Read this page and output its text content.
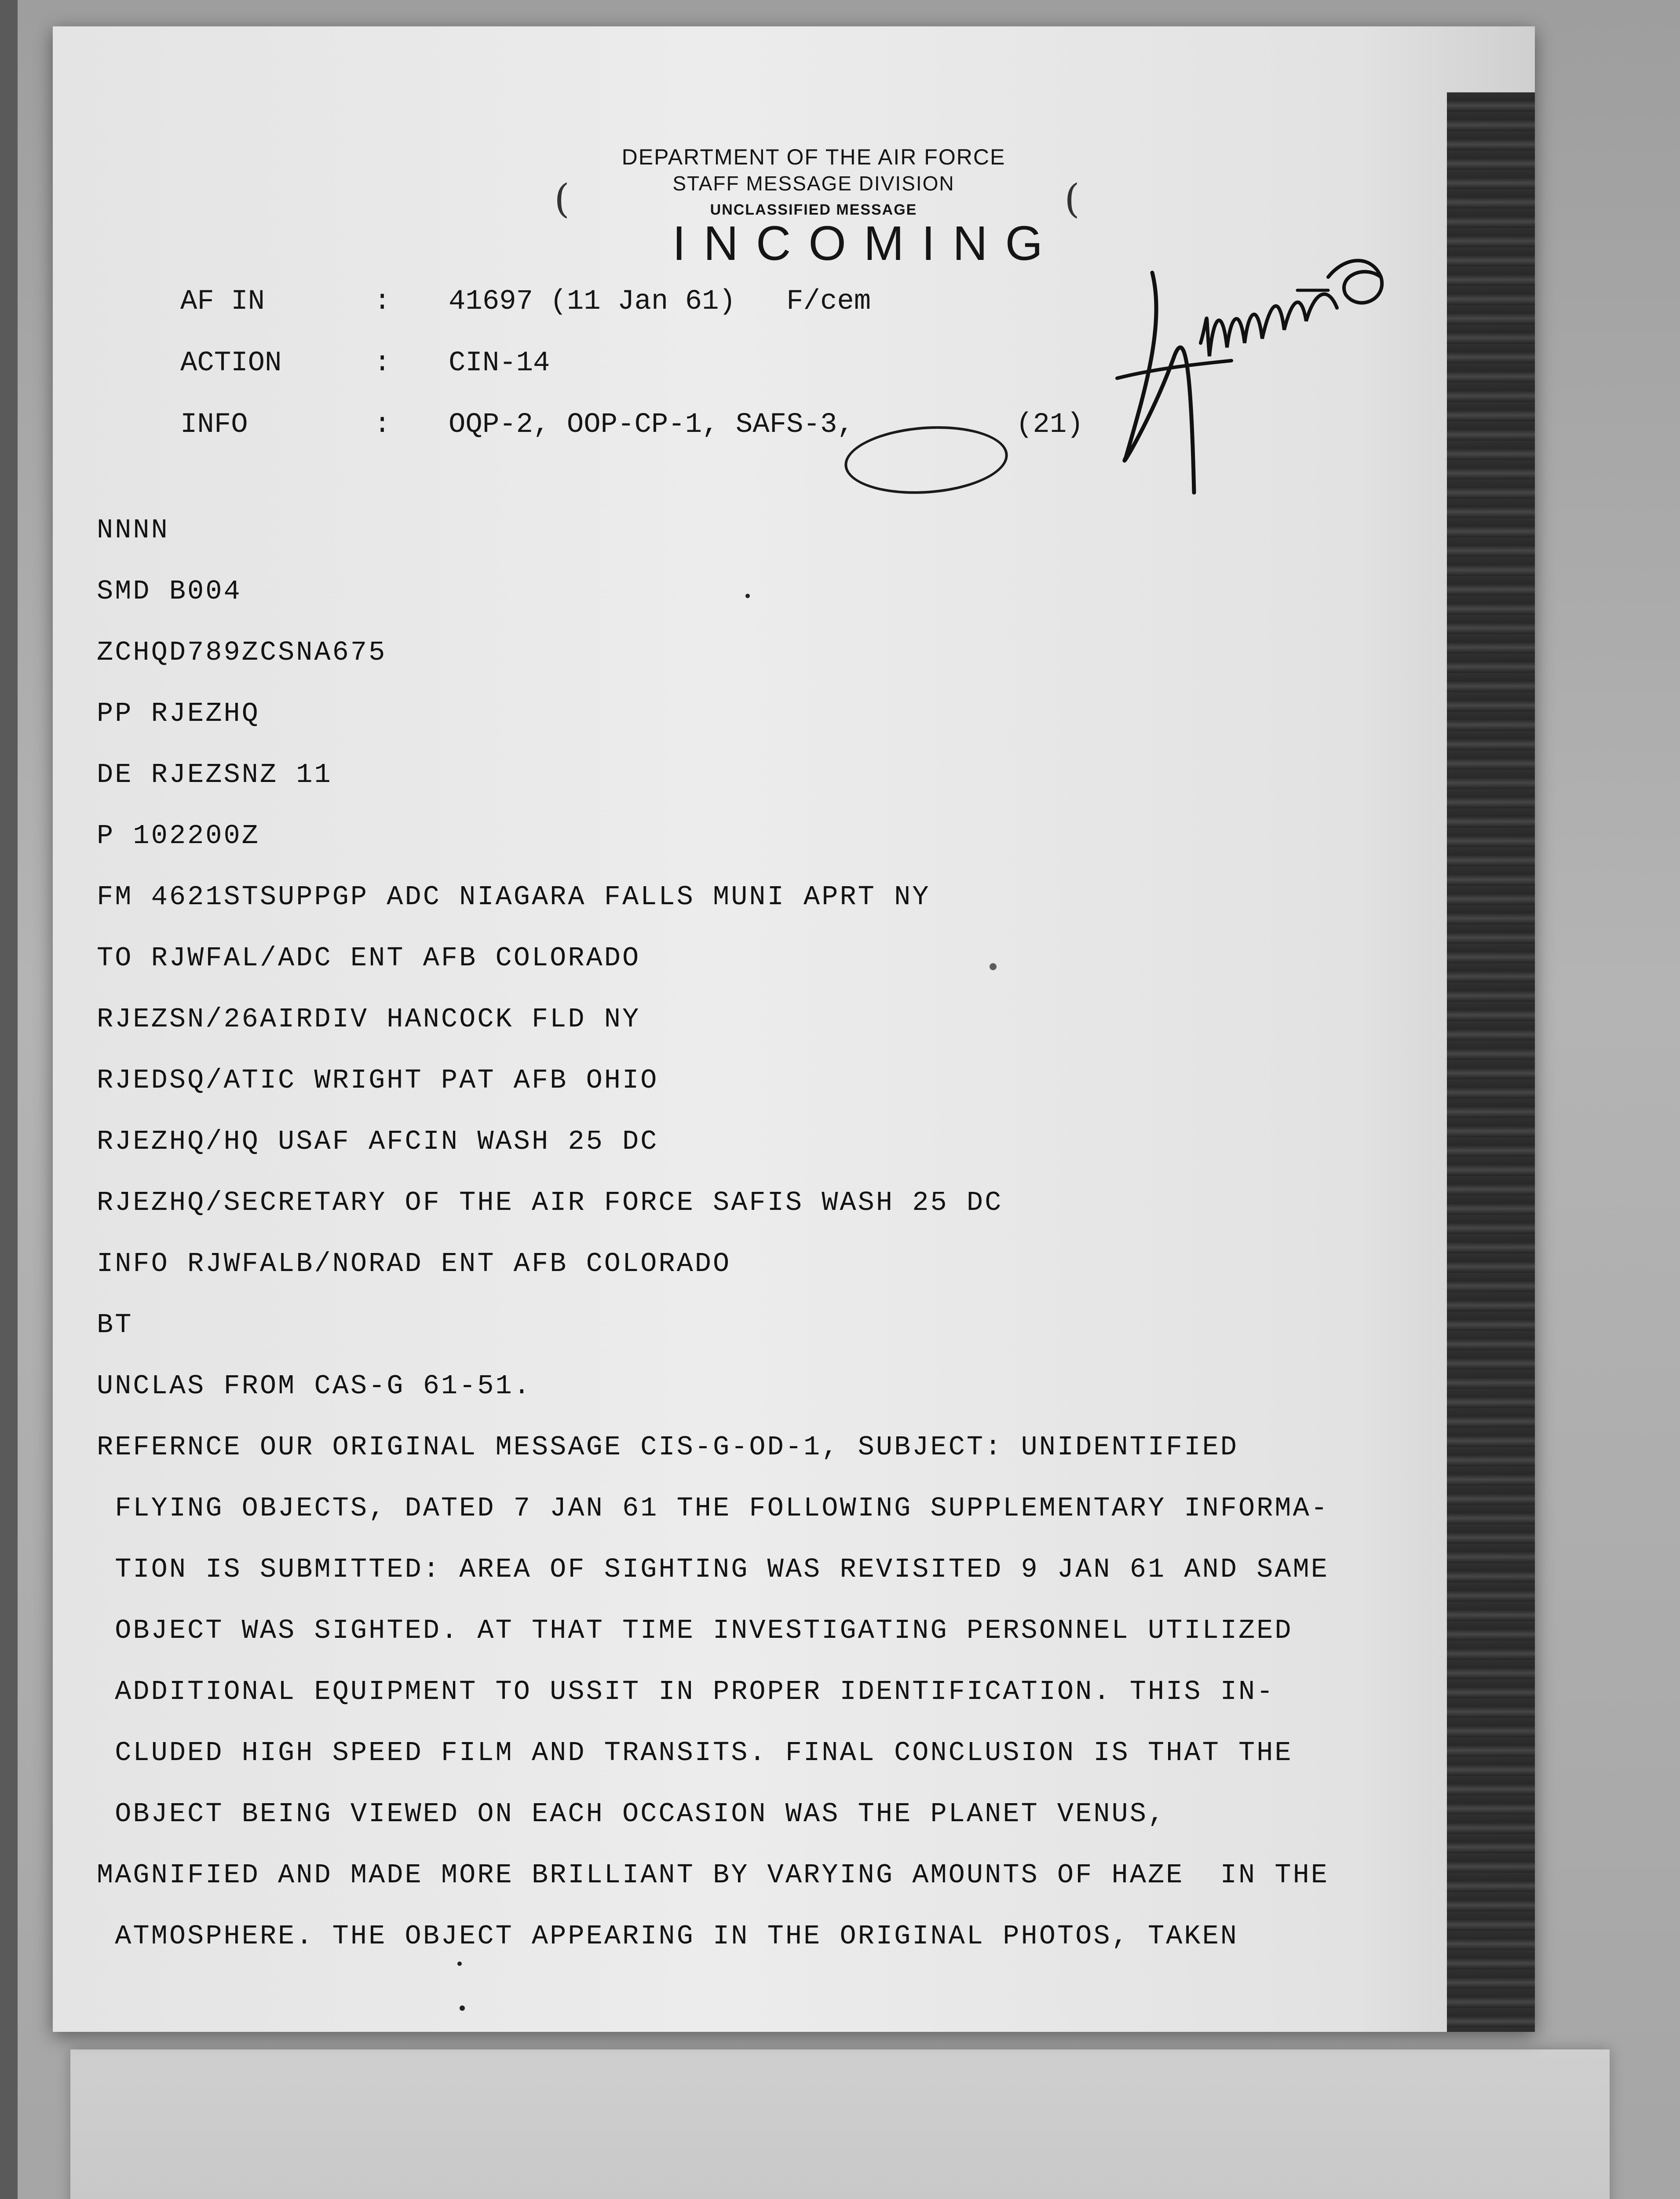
DEPARTMENT OF THE AIR FORCE
STAFF MESSAGE DIVISION
UNCLASSIFIED MESSAGE
(	(
INCOMING
AF IN	: 41697 (11 Jan 61)   F/cem
ACTION	: CIN-14
INFO	: OQP-2, OOP-CP-1, SAFS-3,	(21)
NNNN
SMD B004
ZCHQD789ZCSNA675
PP RJEZHQ
DE RJEZSNZ 11
P 102200Z
FM 4621STSUPPGP ADC NIAGARA FALLS MUNI APRT NY
TO RJWFAL/ADC ENT AFB COLORADO
RJEZSN/26AIRDIV HANCOCK FLD NY
RJEDSQ/ATIC WRIGHT PAT AFB OHIO
RJEZHQ/HQ USAF AFCIN WASH 25 DC
RJEZHQ/SECRETARY OF THE AIR FORCE SAFIS WASH 25 DC
INFO RJWFALB/NORAD ENT AFB COLORADO
BT
UNCLAS FROM CAS-G 61-51.
REFERNCE OUR ORIGINAL MESSAGE CIS-G-OD-1, SUBJECT: UNIDENTIFIED
FLYING OBJECTS, DATED 7 JAN 61 THE FOLLOWING SUPPLEMENTARY INFORMA-
TION IS SUBMITTED: AREA OF SIGHTING WAS REVISITED 9 JAN 61 AND SAME
OBJECT WAS SIGHTED. AT THAT TIME INVESTIGATING PERSONNEL UTILIZED
ADDITIONAL EQUIPMENT TO USSIT IN PROPER IDENTIFICATION. THIS IN-
CLUDED HIGH SPEED FILM AND TRANSITS. FINAL CONCLUSION IS THAT THE
OBJECT BEING VIEWED ON EACH OCCASION WAS THE PLANET VENUS,
MAGNIFIED AND MADE MORE BRILLIANT BY VARYING AMOUNTS OF HAZE  IN THE
ATMOSPHERE. THE OBJECT APPEARING IN THE ORIGINAL PHOTOS, TAKEN
